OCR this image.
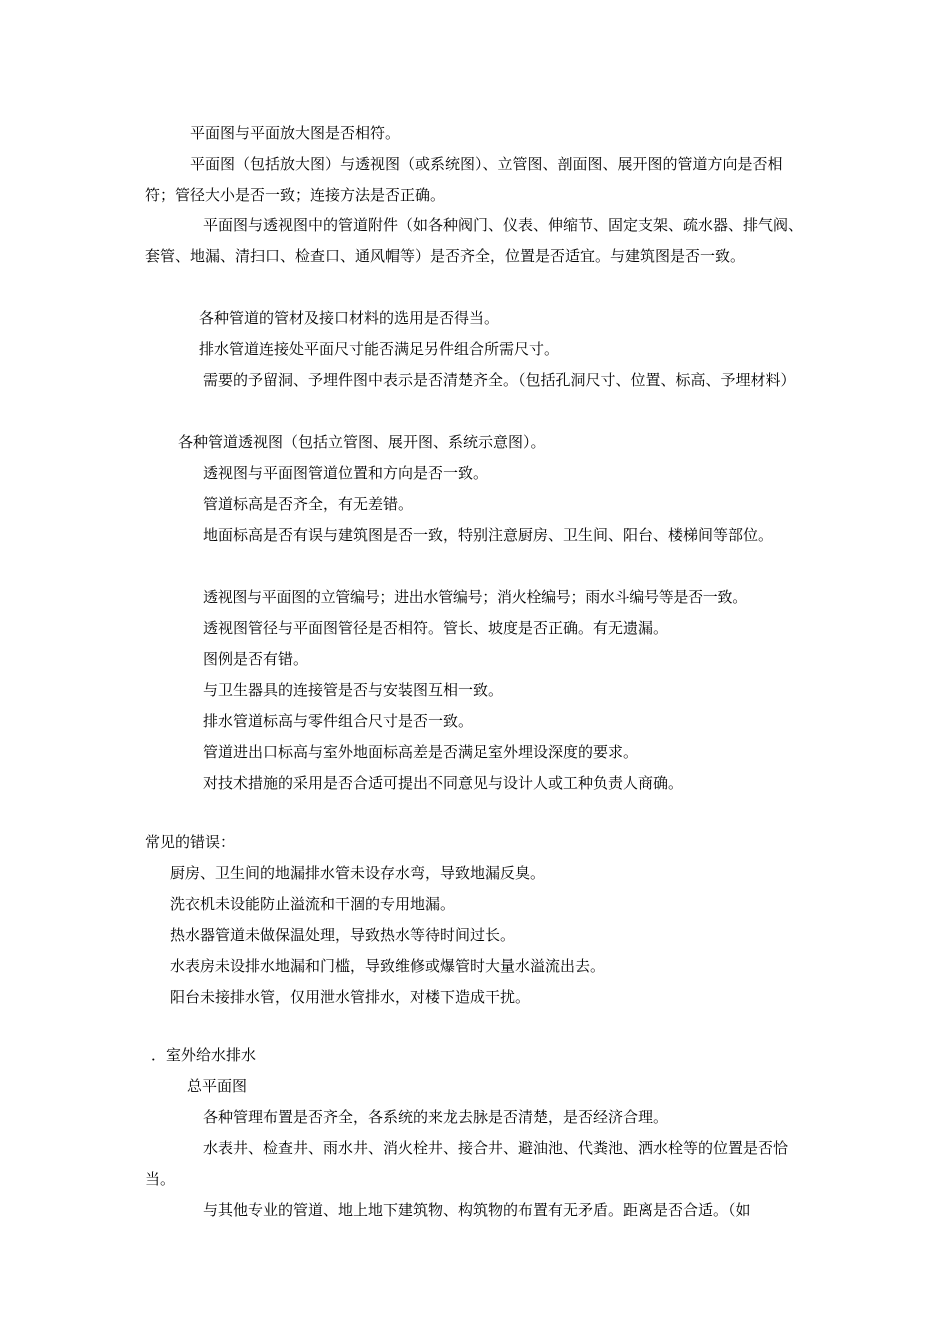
平面图与平面放大图是否相符。
平面图（包括放大图）与透视图（或系统图）、立管图、剖面图、展开图的管道方向是否相符；管径大小是否一致；连接方法是否正确。
平面图与透视图中的管道附件（如各种阀门、仪表、伸缩节、固定支架、疏水器、排气阀、套管、地漏、清扫口、检查口、通风帽等）是否齐全，位置是否适宜。与建筑图是否一致。
各种管道的管材及接口材料的选用是否得当。
排水管道连接处平面尺寸能否满足另件组合所需尺寸。
需要的予留洞、予埋件图中表示是否清楚齐全。（包括孔洞尺寸、位置、标高、予埋材料）
各种管道透视图（包括立管图、展开图、系统示意图）。
透视图与平面图管道位置和方向是否一致。
管道标高是否齐全，有无差错。
地面标高是否有误与建筑图是否一致，特别注意厨房、卫生间、阳台、楼梯间等部位。
透视图与平面图的立管编号；进出水管编号；消火栓编号；雨水斗编号等是否一致。
透视图管径与平面图管径是否相符。管长、坡度是否正确。有无遗漏。
图例是否有错。
与卫生器具的连接管是否与安装图互相一致。
排水管道标高与零件组合尺寸是否一致。
管道进出口标高与室外地面标高差是否满足室外埋设深度的要求。
对技术措施的采用是否合适可提出不同意见与设计人或工种负责人商确。
常见的错误：
厨房、卫生间的地漏排水管未设存水弯，导致地漏反臭。
洗衣机未设能防止溢流和干涸的专用地漏。
热水器管道未做保温处理，导致热水等待时间过长。
水表房未设排水地漏和门槛，导致维修或爆管时大量水溢流出去。
阳台未接排水管，仅用泄水管排水，对楼下造成干扰。
．室外给水排水
总平面图
各种管理布置是否齐全，各系统的来龙去脉是否清楚，是否经济合理。
水表井、检查井、雨水井、消火栓井、接合井、避油池、代粪池、洒水栓等的位置是否恰当。
与其他专业的管道、地上地下建筑物、构筑物的布置有无矛盾。距离是否合适。（如
